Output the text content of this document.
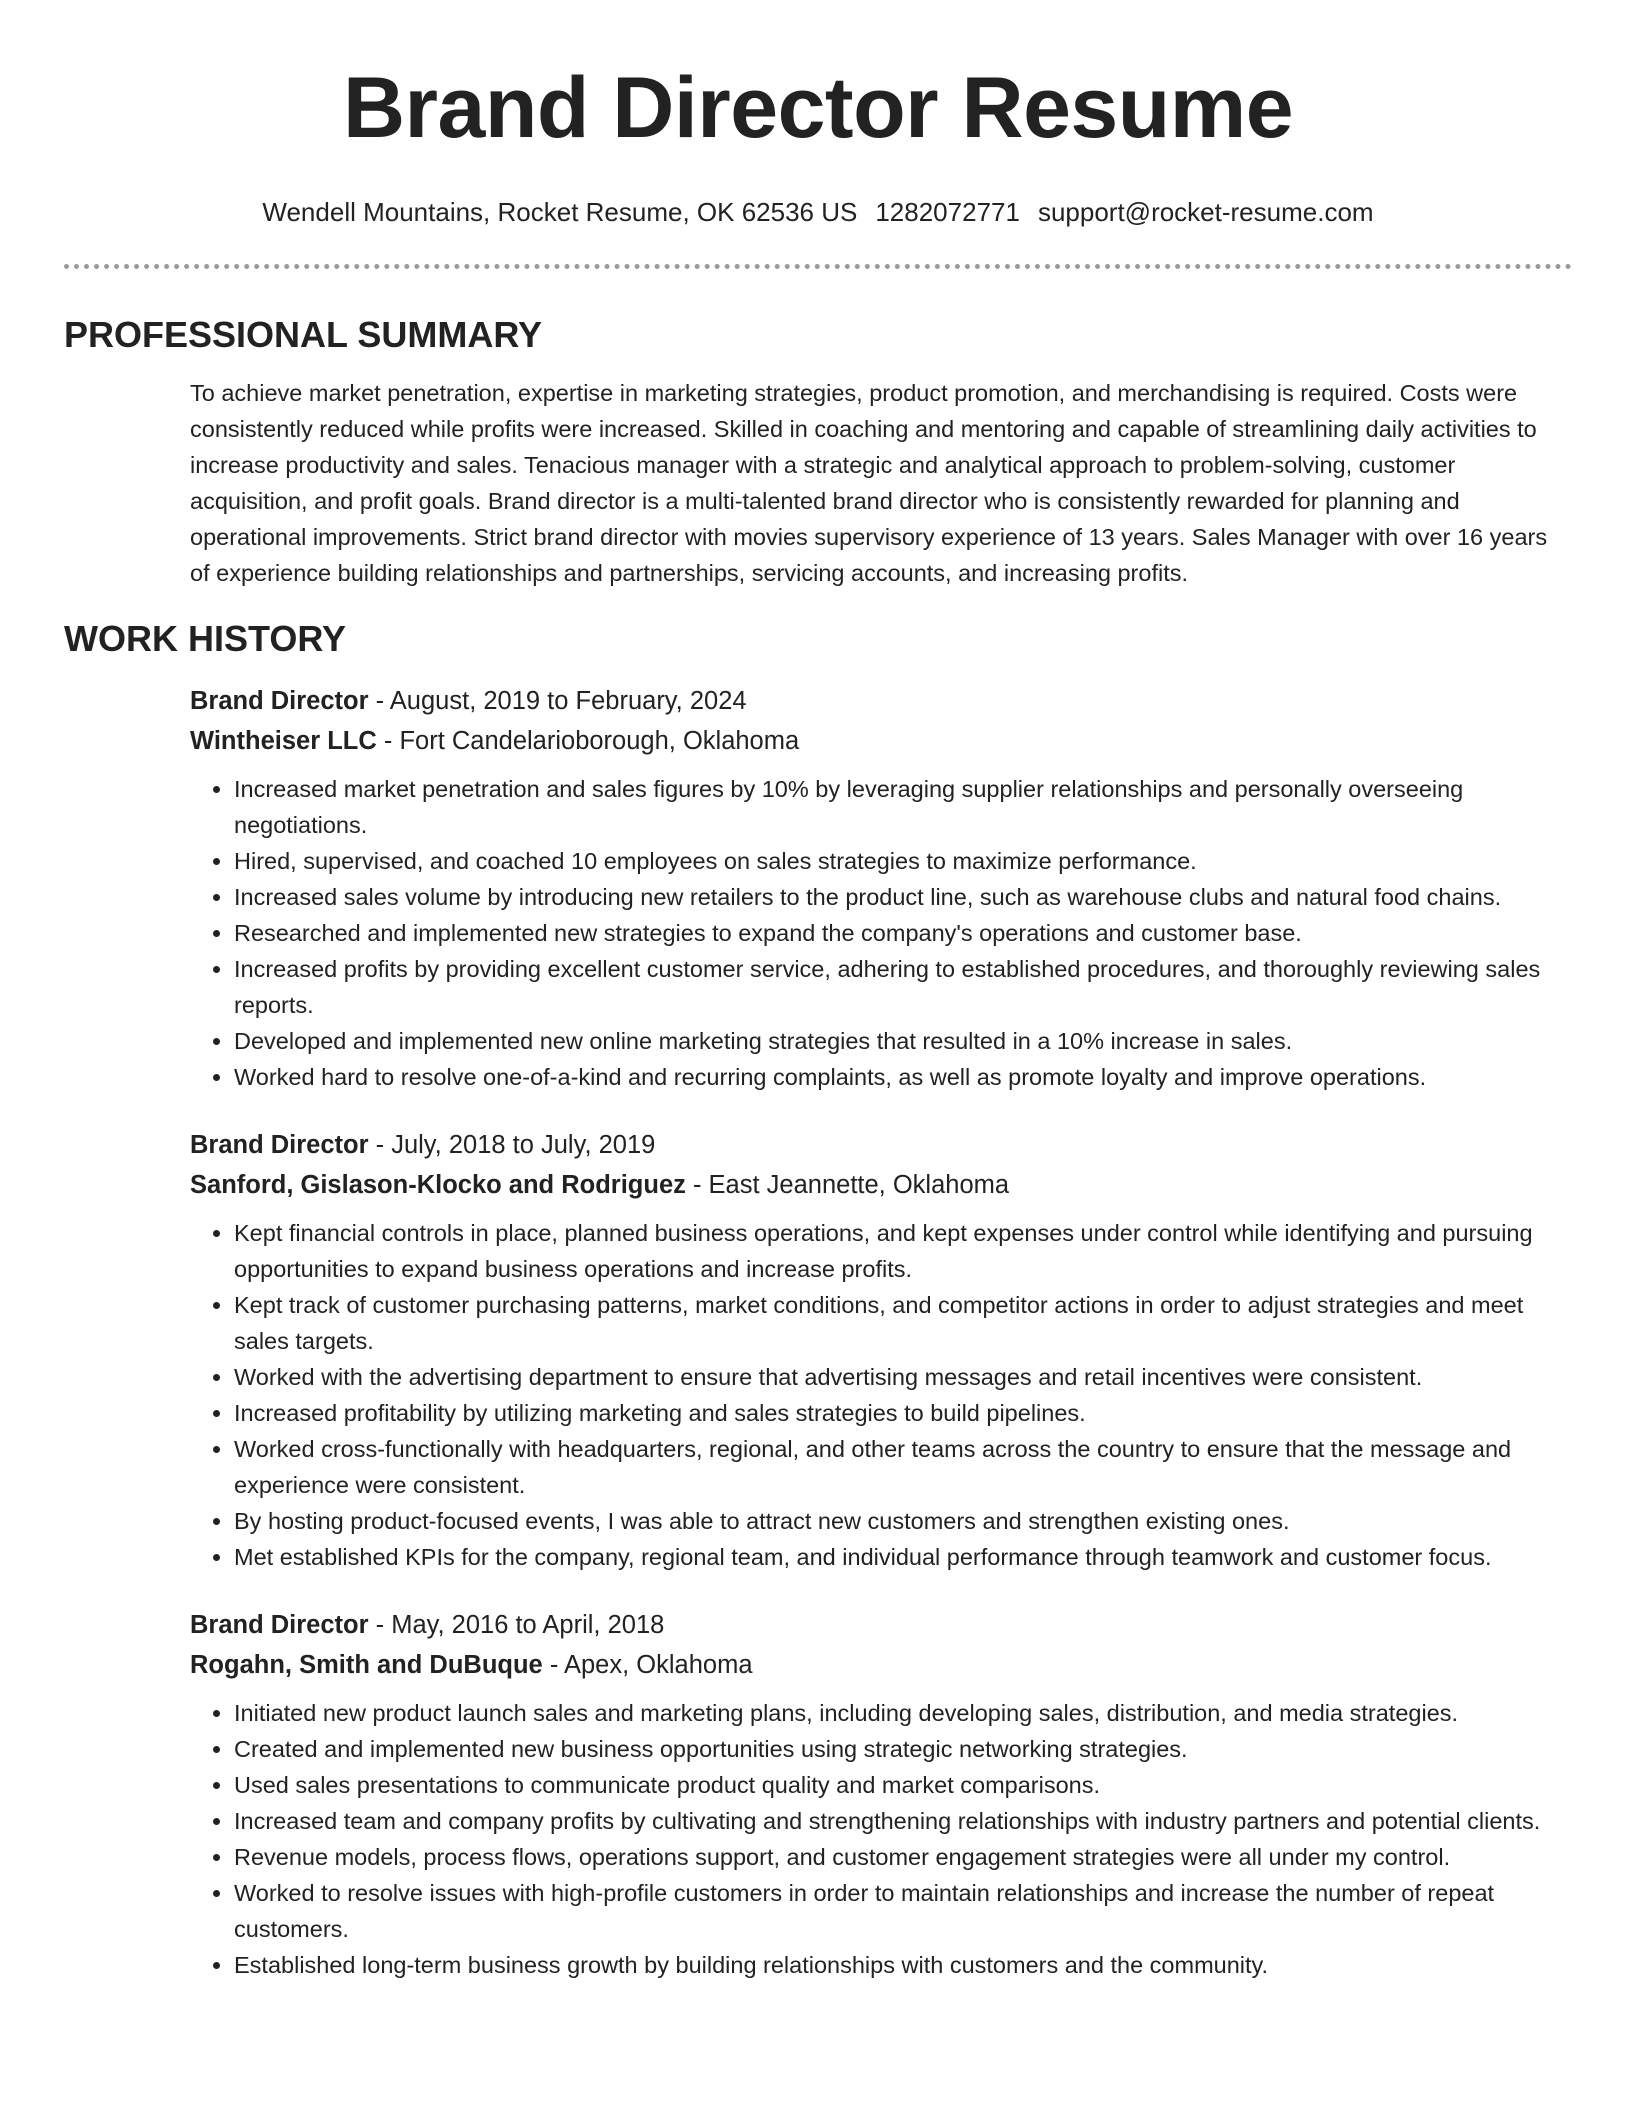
Brand Director Resume
Wendell Mountains, Rocket Resume, OK 62536 US 1282072771 support@rocket-resume.com
PROFESSIONAL SUMMARY
To achieve market penetration, expertise in marketing strategies, product promotion, and merchandising is required. Costs were consistently reduced while profits were increased. Skilled in coaching and mentoring and capable of streamlining daily activities to increase productivity and sales. Tenacious manager with a strategic and analytical approach to problem-solving, customer acquisition, and profit goals. Brand director is a multi-talented brand director who is consistently rewarded for planning and operational improvements. Strict brand director with movies supervisory experience of 13 years. Sales Manager with over 16 years of experience building relationships and partnerships, servicing accounts, and increasing profits.
WORK HISTORY
Brand Director - August, 2019 to February, 2024
Wintheiser LLC - Fort Candelarioborough, Oklahoma
• Increased market penetration and sales figures by 10% by leveraging supplier relationships and personally overseeing negotiations.
• Hired, supervised, and coached 10 employees on sales strategies to maximize performance.
• Increased sales volume by introducing new retailers to the product line, such as warehouse clubs and natural food chains.
• Researched and implemented new strategies to expand the company's operations and customer base.
• Increased profits by providing excellent customer service, adhering to established procedures, and thoroughly reviewing sales reports.
• Developed and implemented new online marketing strategies that resulted in a 10% increase in sales.
• Worked hard to resolve one-of-a-kind and recurring complaints, as well as promote loyalty and improve operations.
Brand Director - July, 2018 to July, 2019
Sanford, Gislason-Klocko and Rodriguez - East Jeannette, Oklahoma
• Kept financial controls in place, planned business operations, and kept expenses under control while identifying and pursuing opportunities to expand business operations and increase profits.
• Kept track of customer purchasing patterns, market conditions, and competitor actions in order to adjust strategies and meet sales targets.
• Worked with the advertising department to ensure that advertising messages and retail incentives were consistent.
• Increased profitability by utilizing marketing and sales strategies to build pipelines.
• Worked cross-functionally with headquarters, regional, and other teams across the country to ensure that the message and experience were consistent.
• By hosting product-focused events, I was able to attract new customers and strengthen existing ones.
• Met established KPIs for the company, regional team, and individual performance through teamwork and customer focus.
Brand Director - May, 2016 to April, 2018
Rogahn, Smith and DuBuque - Apex, Oklahoma
• Initiated new product launch sales and marketing plans, including developing sales, distribution, and media strategies.
• Created and implemented new business opportunities using strategic networking strategies.
• Used sales presentations to communicate product quality and market comparisons.
• Increased team and company profits by cultivating and strengthening relationships with industry partners and potential clients.
• Revenue models, process flows, operations support, and customer engagement strategies were all under my control.
• Worked to resolve issues with high-profile customers in order to maintain relationships and increase the number of repeat customers.
• Established long-term business growth by building relationships with customers and the community.
